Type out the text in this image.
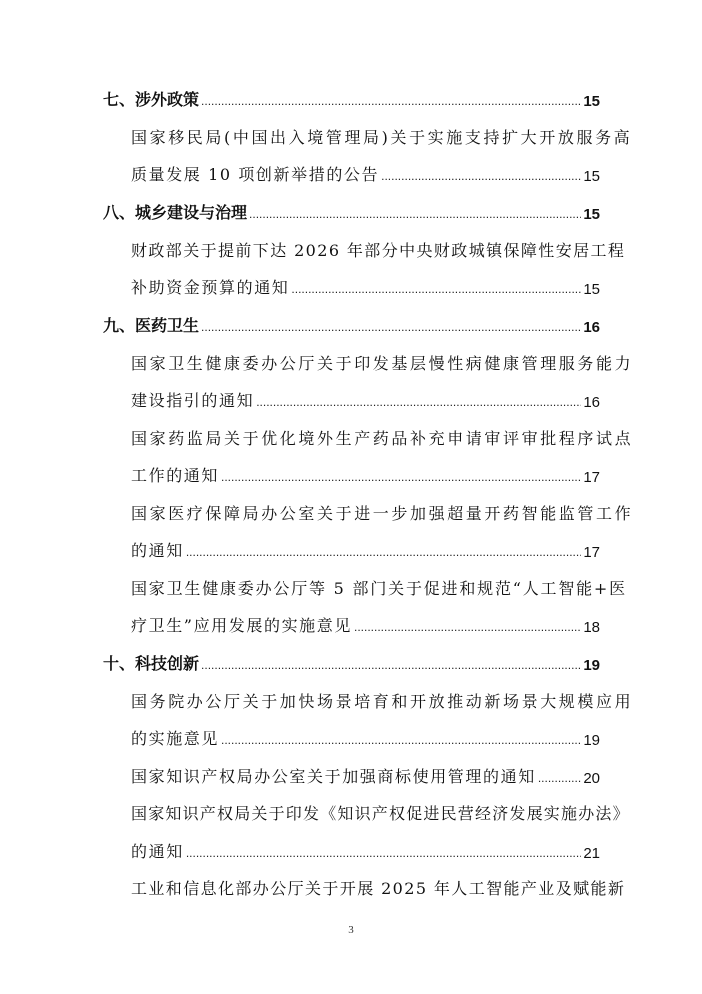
七、 涉外政策 .....	15
国家移民局(中国出入境管理局)关于实施支持扩大开放服务高
质量发展 10 项创新举措的公告 .....	15
八、 城乡建设与治理 .....	15
财政部关于提前下达 2026 年部分中央财政城镇保障性安居工程
补助资金预算的通知 .....	15
九、 医药卫生 .....	16
国家卫生健康委办公厅关于印发基层慢性病健康管理服务能力
建设指引的通知 .....	16
国家药监局关于优化境外生产药品补充申请审评审批程序试点
工作的通知 .....	17
国家医疗保障局办公室关于进一步加强超量开药智能监管工作
的通知 .....	17
国家卫生健康委办公厅等 5 部门关于促进和规范“人工智能+医
疗卫生”应用发展的实施意见 .....	18
十、 科技创新 .....	19
国务院办公厅关于加快场景培育和开放推动新场景大规模应用
的实施意见 .....	19
国家知识产权局办公室关于加强商标使用管理的通知 .....	20
国家知识产权局关于印发《知识产权促进民营经济发展实施办法》
的通知 .....	21
工业和信息化部办公厅关于开展 2025 年人工智能产业及赋能新
3
